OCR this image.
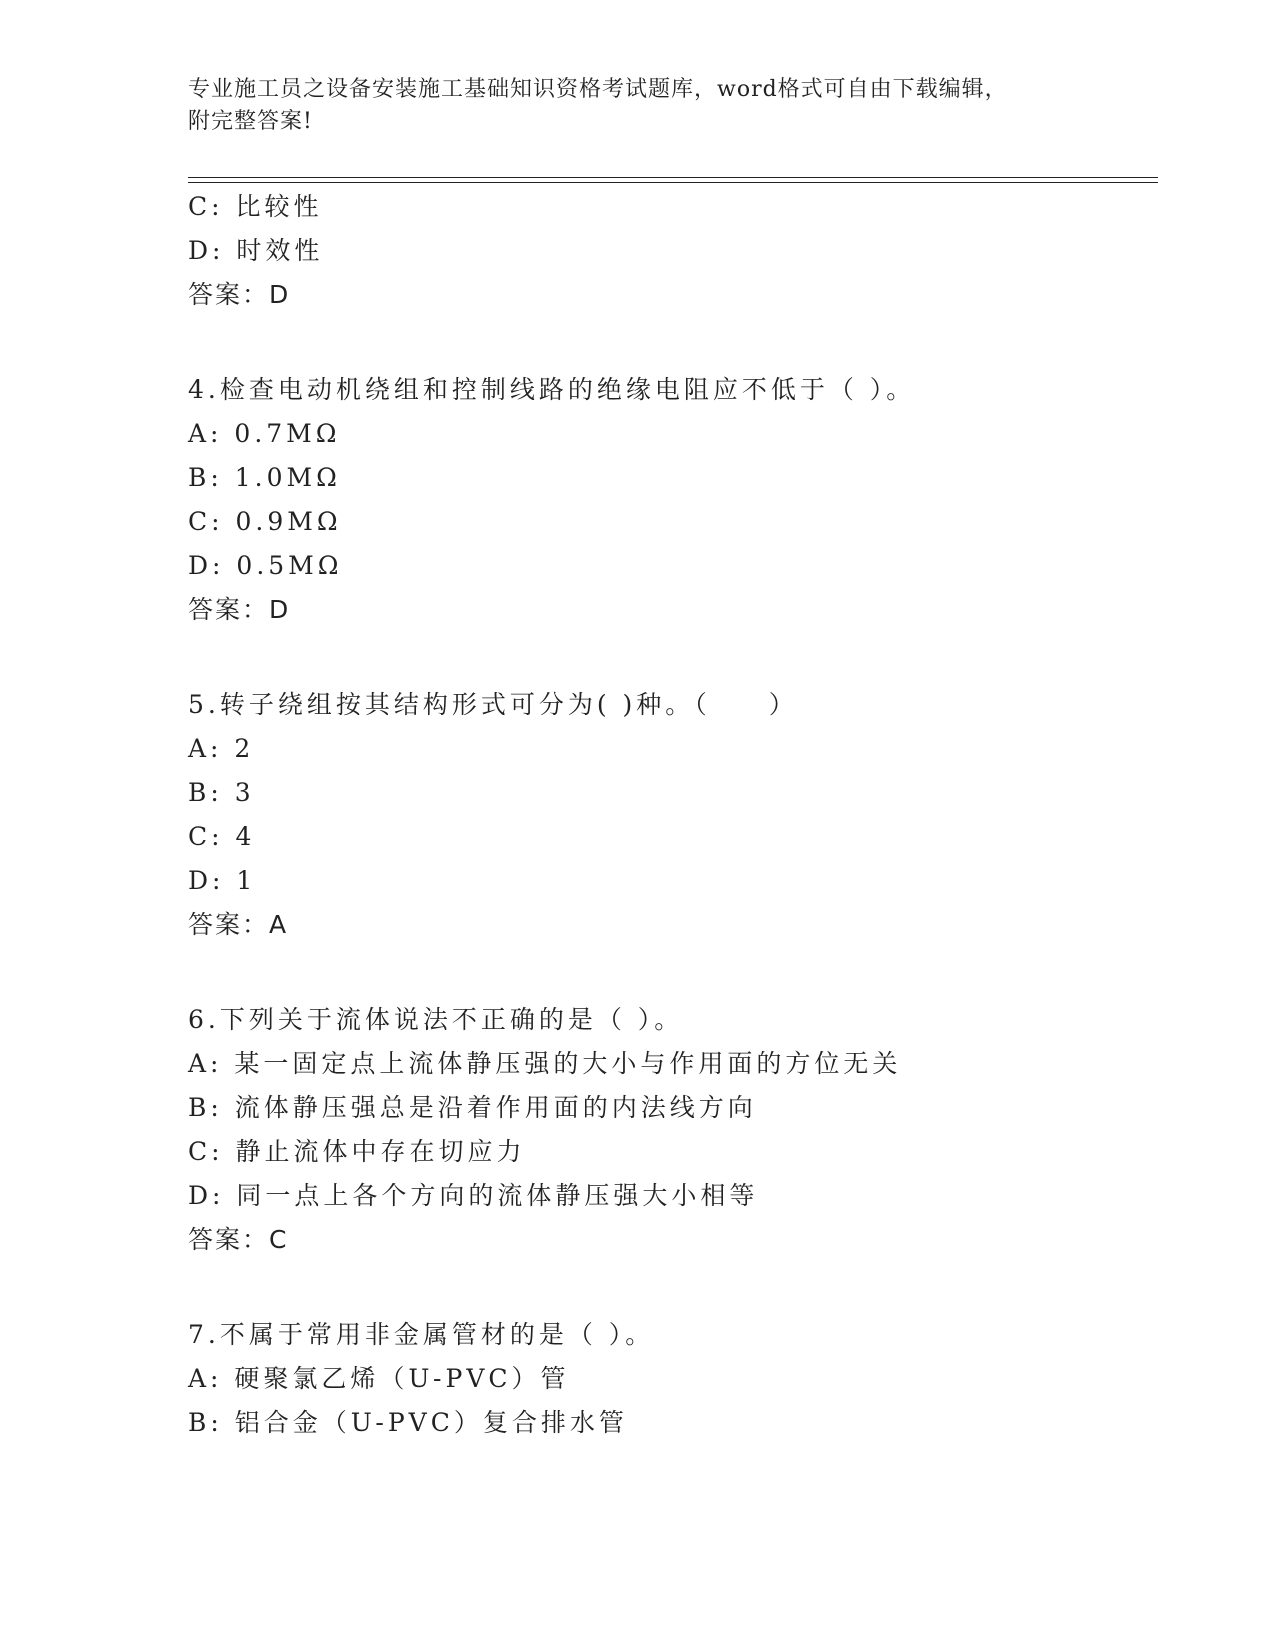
专业施工员之设备安装施工基础知识资格考试题库，word格式可自由下载编辑，
附完整答案!
C: 比较性
D: 时效性
答案：D
4.检查电动机绕组和控制线路的绝缘电阻应不低于（ ）。
A: 0.7MΩ
B: 1.0MΩ
C: 0.9MΩ
D: 0.5MΩ
答案：D
5.转子绕组按其结构形式可分为( )种。（　　）
A: 2
B: 3
C: 4
D: 1
答案：A
6.下列关于流体说法不正确的是（ ）。
A: 某一固定点上流体静压强的大小与作用面的方位无关
B: 流体静压强总是沿着作用面的内法线方向
C: 静止流体中存在切应力
D: 同一点上各个方向的流体静压强大小相等
答案：C
7.不属于常用非金属管材的是（ ）。
A: 硬聚氯乙烯（U-PVC）管
B: 铝合金（U-PVC）复合排水管
